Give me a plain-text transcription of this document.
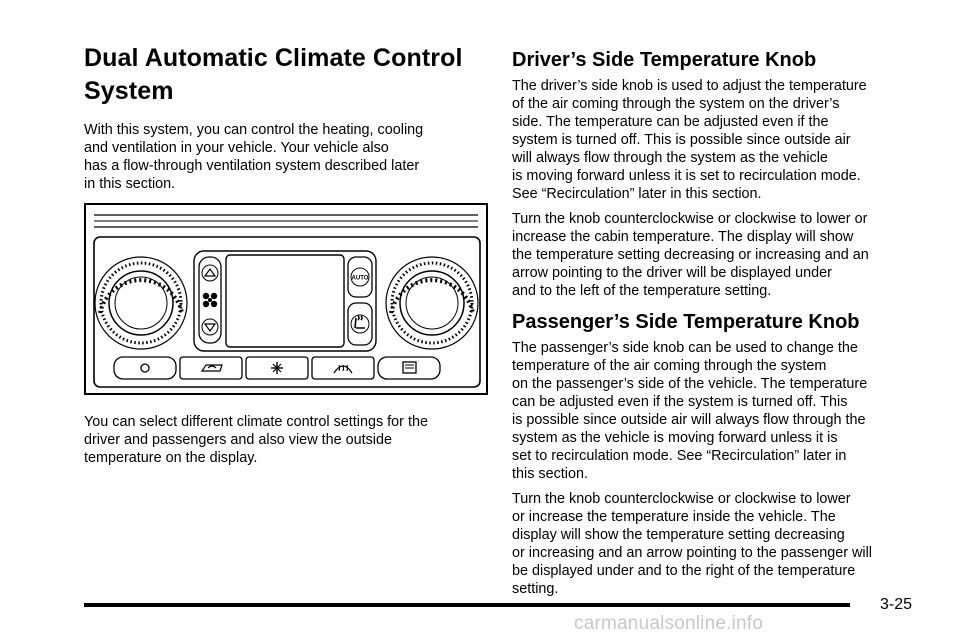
Dual Automatic Climate Control
System

With this system, you can control the heating, cooling
and ventilation in your vehicle. Your vehicle also
has a flow-through ventilation system described later
in this section.

AUTO

You can select different climate control settings for the
driver and passengers and also view the outside
temperature on the display.

Driver’s Side Temperature Knob

The driver’s side knob is used to adjust the temperature
of the air coming through the system on the driver’s
side. The temperature can be adjusted even if the
system is turned off. This is possible since outside air
will always flow through the system as the vehicle
is moving forward unless it is set to recirculation mode.
See “Recirculation” later in this section.

Turn the knob counterclockwise or clockwise to lower or
increase the cabin temperature. The display will show
the temperature setting decreasing or increasing and an
arrow pointing to the driver will be displayed under
and to the left of the temperature setting.

Passenger’s Side Temperature Knob

The passenger’s side knob can be used to change the
temperature of the air coming through the system
on the passenger’s side of the vehicle. The temperature
can be adjusted even if the system is turned off. This
is possible since outside air will always flow through the
system as the vehicle is moving forward unless it is
set to recirculation mode. See “Recirculation” later in
this section.

Turn the knob counterclockwise or clockwise to lower
or increase the temperature inside the vehicle. The
display will show the temperature setting decreasing
or increasing and an arrow pointing to the passenger will
be displayed under and to the right of the temperature
setting.

3-25
carmanualsonline.info
